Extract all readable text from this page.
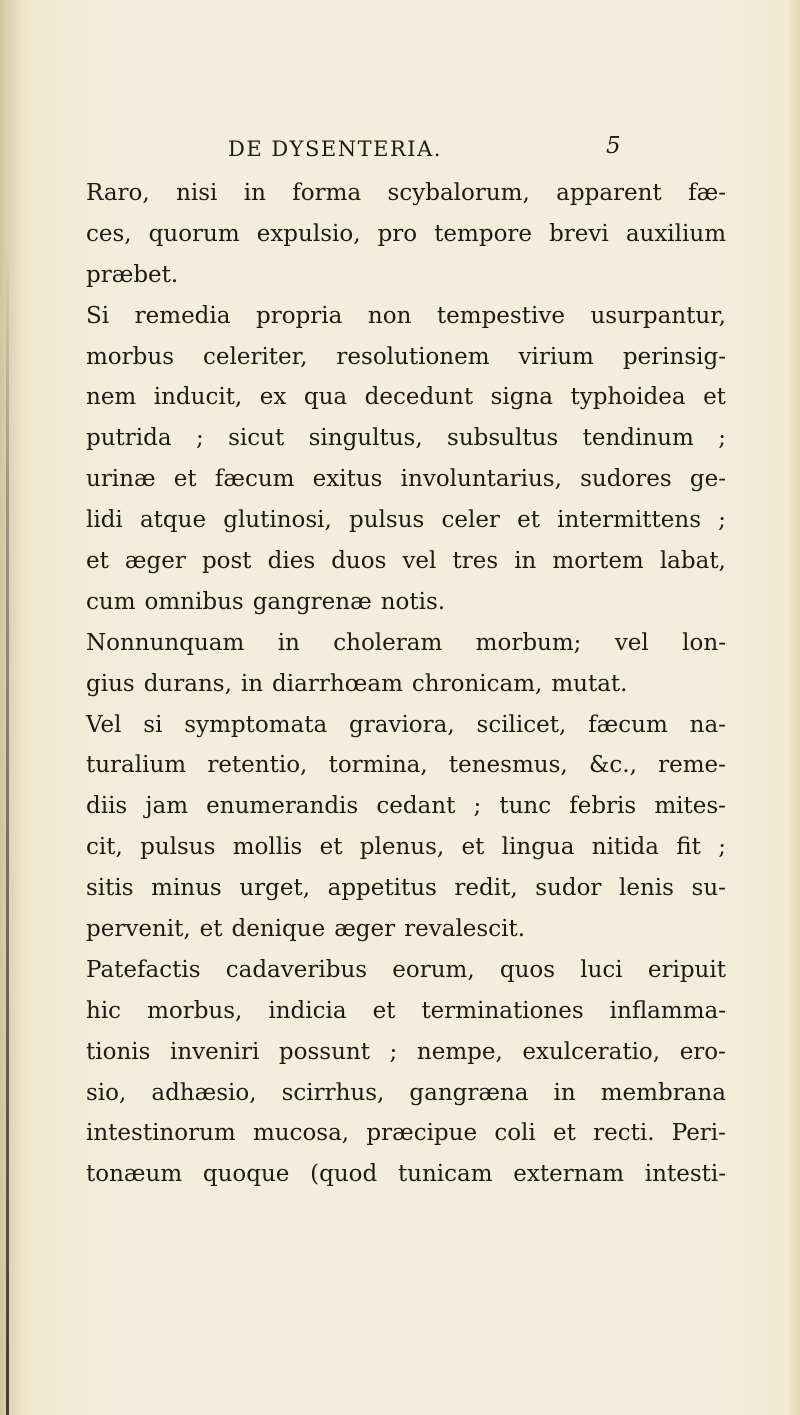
DE DYSENTERIA.	5
Raro, nisi in forma scybalorum, apparent fæ-
ces, quorum expulsio, pro tempore brevi auxilium
præbet.
Si remedia propria non tempestive usurpantur,
morbus celeriter, resolutionem virium perinsig-
nem inducit, ex qua decedunt signa typhoidea et
putrida ; sicut singultus, subsultus tendinum ;
urinæ et fæcum exitus involuntarius, sudores ge-
lidi atque glutinosi, pulsus celer et intermittens ;
et æger post dies duos vel tres in mortem labat,
cum omnibus gangrenæ notis.
Nonnunquam in choleram morbum; vel lon-
gius durans, in diarrhœam chronicam, mutat.
Vel si symptomata graviora, scilicet, fæcum na-
turalium retentio, tormina, tenesmus, &c., reme-
diis jam enumerandis cedant ; tunc febris mites-
cit, pulsus mollis et plenus, et lingua nitida fit ;
sitis minus urget, appetitus redit, sudor lenis su-
pervenit, et denique æger revalescit.
Patefactis cadaveribus eorum, quos luci eripuit
hic morbus, indicia et terminationes inflamma-
tionis inveniri possunt ; nempe, exulceratio, ero-
sio, adhæsio, scirrhus, gangræna in membrana
intestinorum mucosa, præcipue coli et recti. Peri-
tonæum quoque (quod tunicam externam intesti-
